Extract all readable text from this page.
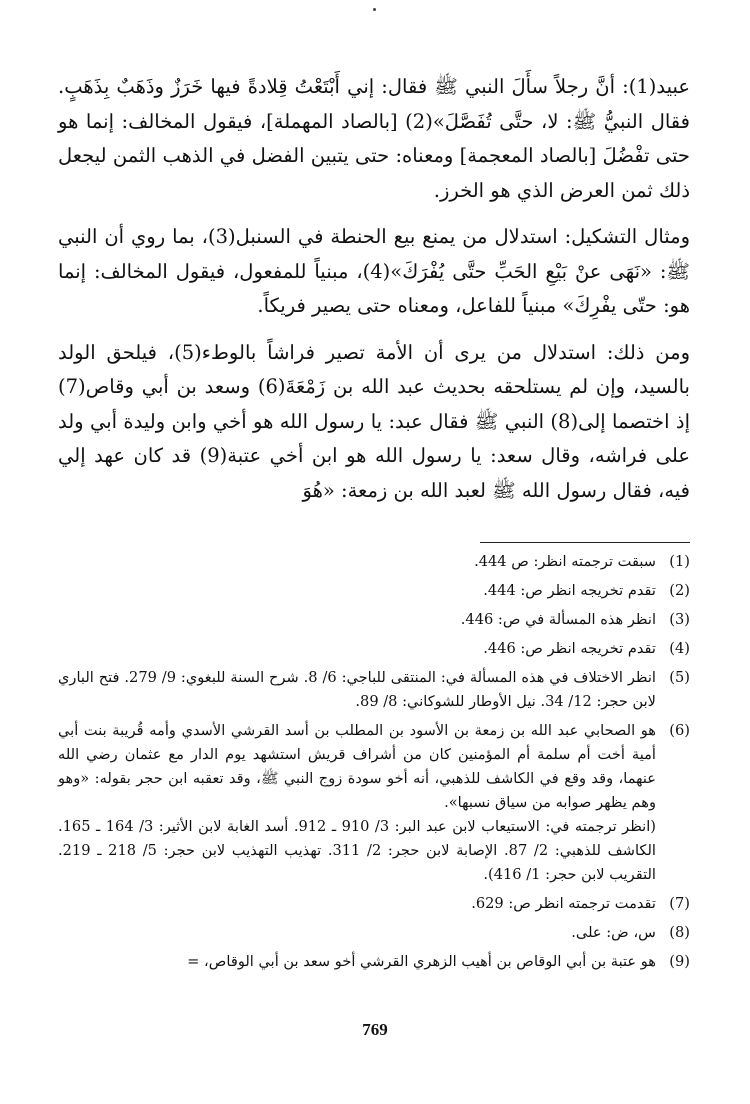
عبيد(1): أنَّ رجلاً سأَلَ النبي ﷺ فقال: إني أَبْتَعْتُ قِلادةً فيها خَرَزٌ وذَهَبٌ بِذَهَبٍ. فقال النبيُّ ﷺ: لا، حتَّى تُفَصَّلَ»(2) [بالصاد المهملة]، فيقول المخالف: إنما هو حتى تفْضُلَ [بالصاد المعجمة] ومعناه: حتى يتبين الفضل في الذهب الثمن ليجعل ذلك ثمن العرض الذي هو الخرز.

ومثال التشكيل: استدلال من يمنع بيع الحنطة في السنبل(3)، بما روي أن النبي ﷺ: «نَهَى عنْ بَيْعِ الحَبِّ حتَّى يُفْرَكَ»(4)، مبنياً للمفعول، فيقول المخالف: إنما هو: حتّى يفْرِكَ» مبنياً للفاعل، ومعناه حتى يصير فريكاً.

ومن ذلك: استدلال من يرى أن الأمة تصير فراشاً بالوطء(5)، فيلحق الولد بالسيد، وإن لم يستلحقه بحديث عبد الله بن زَمْعَةَ(6) وسعد بن أبي وقاص(7) إذ اختصما إلى(8) النبي ﷺ فقال عبد: يا رسول الله هو أخي وابن وليدة أبي ولد على فراشه، وقال سعد: يا رسول الله هو ابن أخي عتبة(9) قد كان عهد إلي فيه، فقال رسول الله ﷺ لعبد الله بن زمعة: «هُوَ

(1)
سبقت ترجمته انظر: ص 444.
(2)
تقدم تخريجه انظر ص: 444.
(3)
انظر هذه المسألة في ص: 446.
(4)
تقدم تخريجه انظر ص: 446.
(5)
انظر الاختلاف في هذه المسألة في: المنتقى للباجي: 6/ 8. شرح السنة للبغوي: 9/ 279. فتح الباري لابن حجر: 12/ 34. نيل الأوطار للشوكاني: 8/ 89.
(6)

هو الصحابي عبد الله بن زمعة بن الأسود بن المطلب بن أسد القرشي الأسدي وأمه قُريبة بنت أبي أمية أخت أم سلمة أم المؤمنين كان من أشراف قريش استشهد يوم الدار مع عثمان رضي الله عنهما، وقد وقع في الكاشف للذهبي، أنه أخو سودة زوج النبي ﷺ، وقد تعقبه ابن حجر بقوله: «وهو وهم يظهر صوابه من سياق نسبها».

(انظر ترجمته في: الاستيعاب لابن عبد البر: 3/ 910 ـ 912. أسد الغابة لابن الأثير: 3/ 164 ـ 165. الكاشف للذهبي: 2/ 87. الإصابة لابن حجر: 2/ 311. تهذيب التهذيب لابن حجر: 5/ 218 ـ 219. التقريب لابن حجر: 1/ 416).

(7)
تقدمت ترجمته انظر ص: 629.
(8)
س، ض: على.
(9)
هو عتبة بن أبي الوقاص بن أهيب الزهري القرشي أخو سعد بن أبي الوقاص، =
769
